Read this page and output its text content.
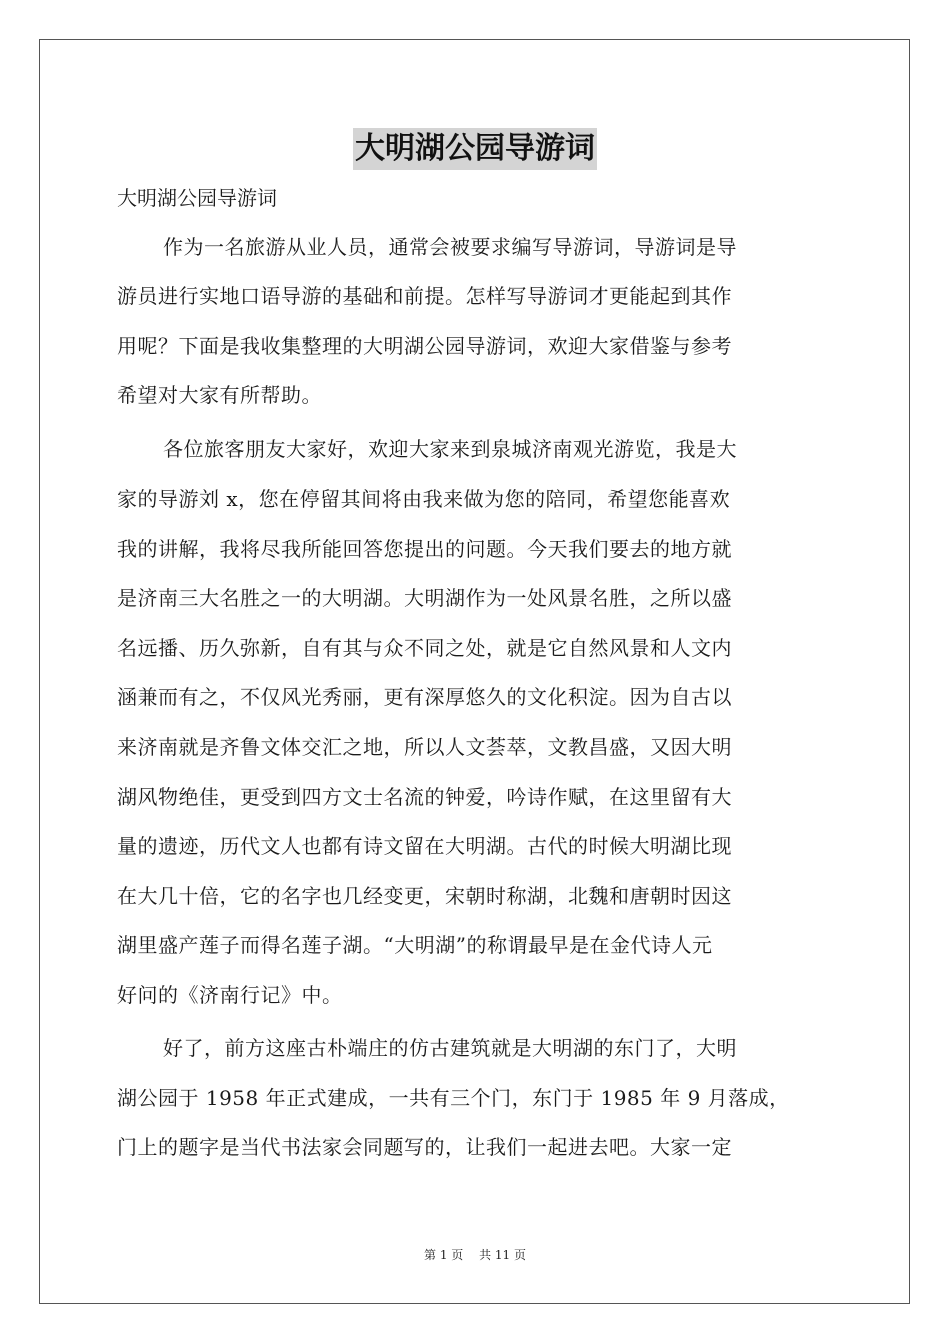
大明湖公园导游词
大明湖公园导游词
作为一名旅游从业人员，通常会被要求编写导游词，导游词是导
游员进行实地口语导游的基础和前提。怎样写导游词才更能起到其作
用呢？下面是我收集整理的大明湖公园导游词，欢迎大家借鉴与参考
希望对大家有所帮助。
各位旅客朋友大家好，欢迎大家来到泉城济南观光游览，我是大
家的导游刘 x，您在停留其间将由我来做为您的陪同，希望您能喜欢
我的讲解，我将尽我所能回答您提出的问题。今天我们要去的地方就
是济南三大名胜之一的大明湖。大明湖作为一处风景名胜，之所以盛
名远播、历久弥新，自有其与众不同之处，就是它自然风景和人文内
涵兼而有之，不仅风光秀丽，更有深厚悠久的文化积淀。因为自古以
来济南就是齐鲁文体交汇之地，所以人文荟萃，文教昌盛，又因大明
湖风物绝佳，更受到四方文士名流的钟爱，吟诗作赋，在这里留有大
量的遗迹，历代文人也都有诗文留在大明湖。古代的时候大明湖比现
在大几十倍，它的名字也几经变更，宋朝时称湖，北魏和唐朝时因这
湖里盛产莲子而得名莲子湖。“大明湖”的称谓最早是在金代诗人元
好问的《济南行记》中。
好了，前方这座古朴端庄的仿古建筑就是大明湖的东门了，大明
湖公园于 1958 年正式建成，一共有三个门，东门于 1985 年 9 月落成，
门上的题字是当代书法家会同题写的，让我们一起进去吧。大家一定
第 1 页 共 11 页
